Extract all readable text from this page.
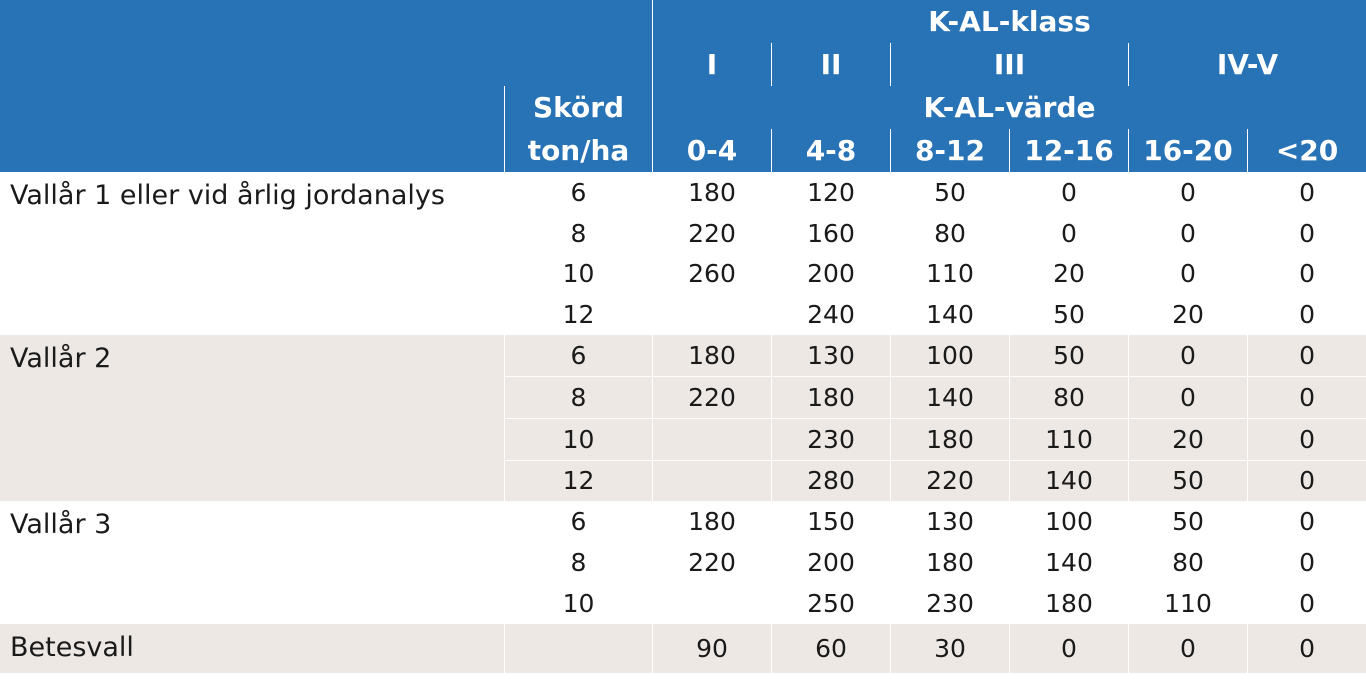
		K-AL-klass					
		I	II	III		IV-V	
	Skörd	K-AL-värde					
	ton/ha	0-4	4-8	8-12	12-16	16-20	<20
Vallår 1 eller vid årlig jordanalys	6	180	120	50	0	0	0
	8	220	160	80	0	0	0
	10	260	200	110	20	0	0
	12		240	140	50	20	0
Vallår 2	6	180	130	100	50	0	0
	8	220	180	140	80	0	0
	10		230	180	110	20	0
	12		280	220	140	50	0
Vallår 3	6	180	150	130	100	50	0
	8	220	200	180	140	80	0
	10		250	230	180	110	0
Betesvall		90	60	30	0	0	0
